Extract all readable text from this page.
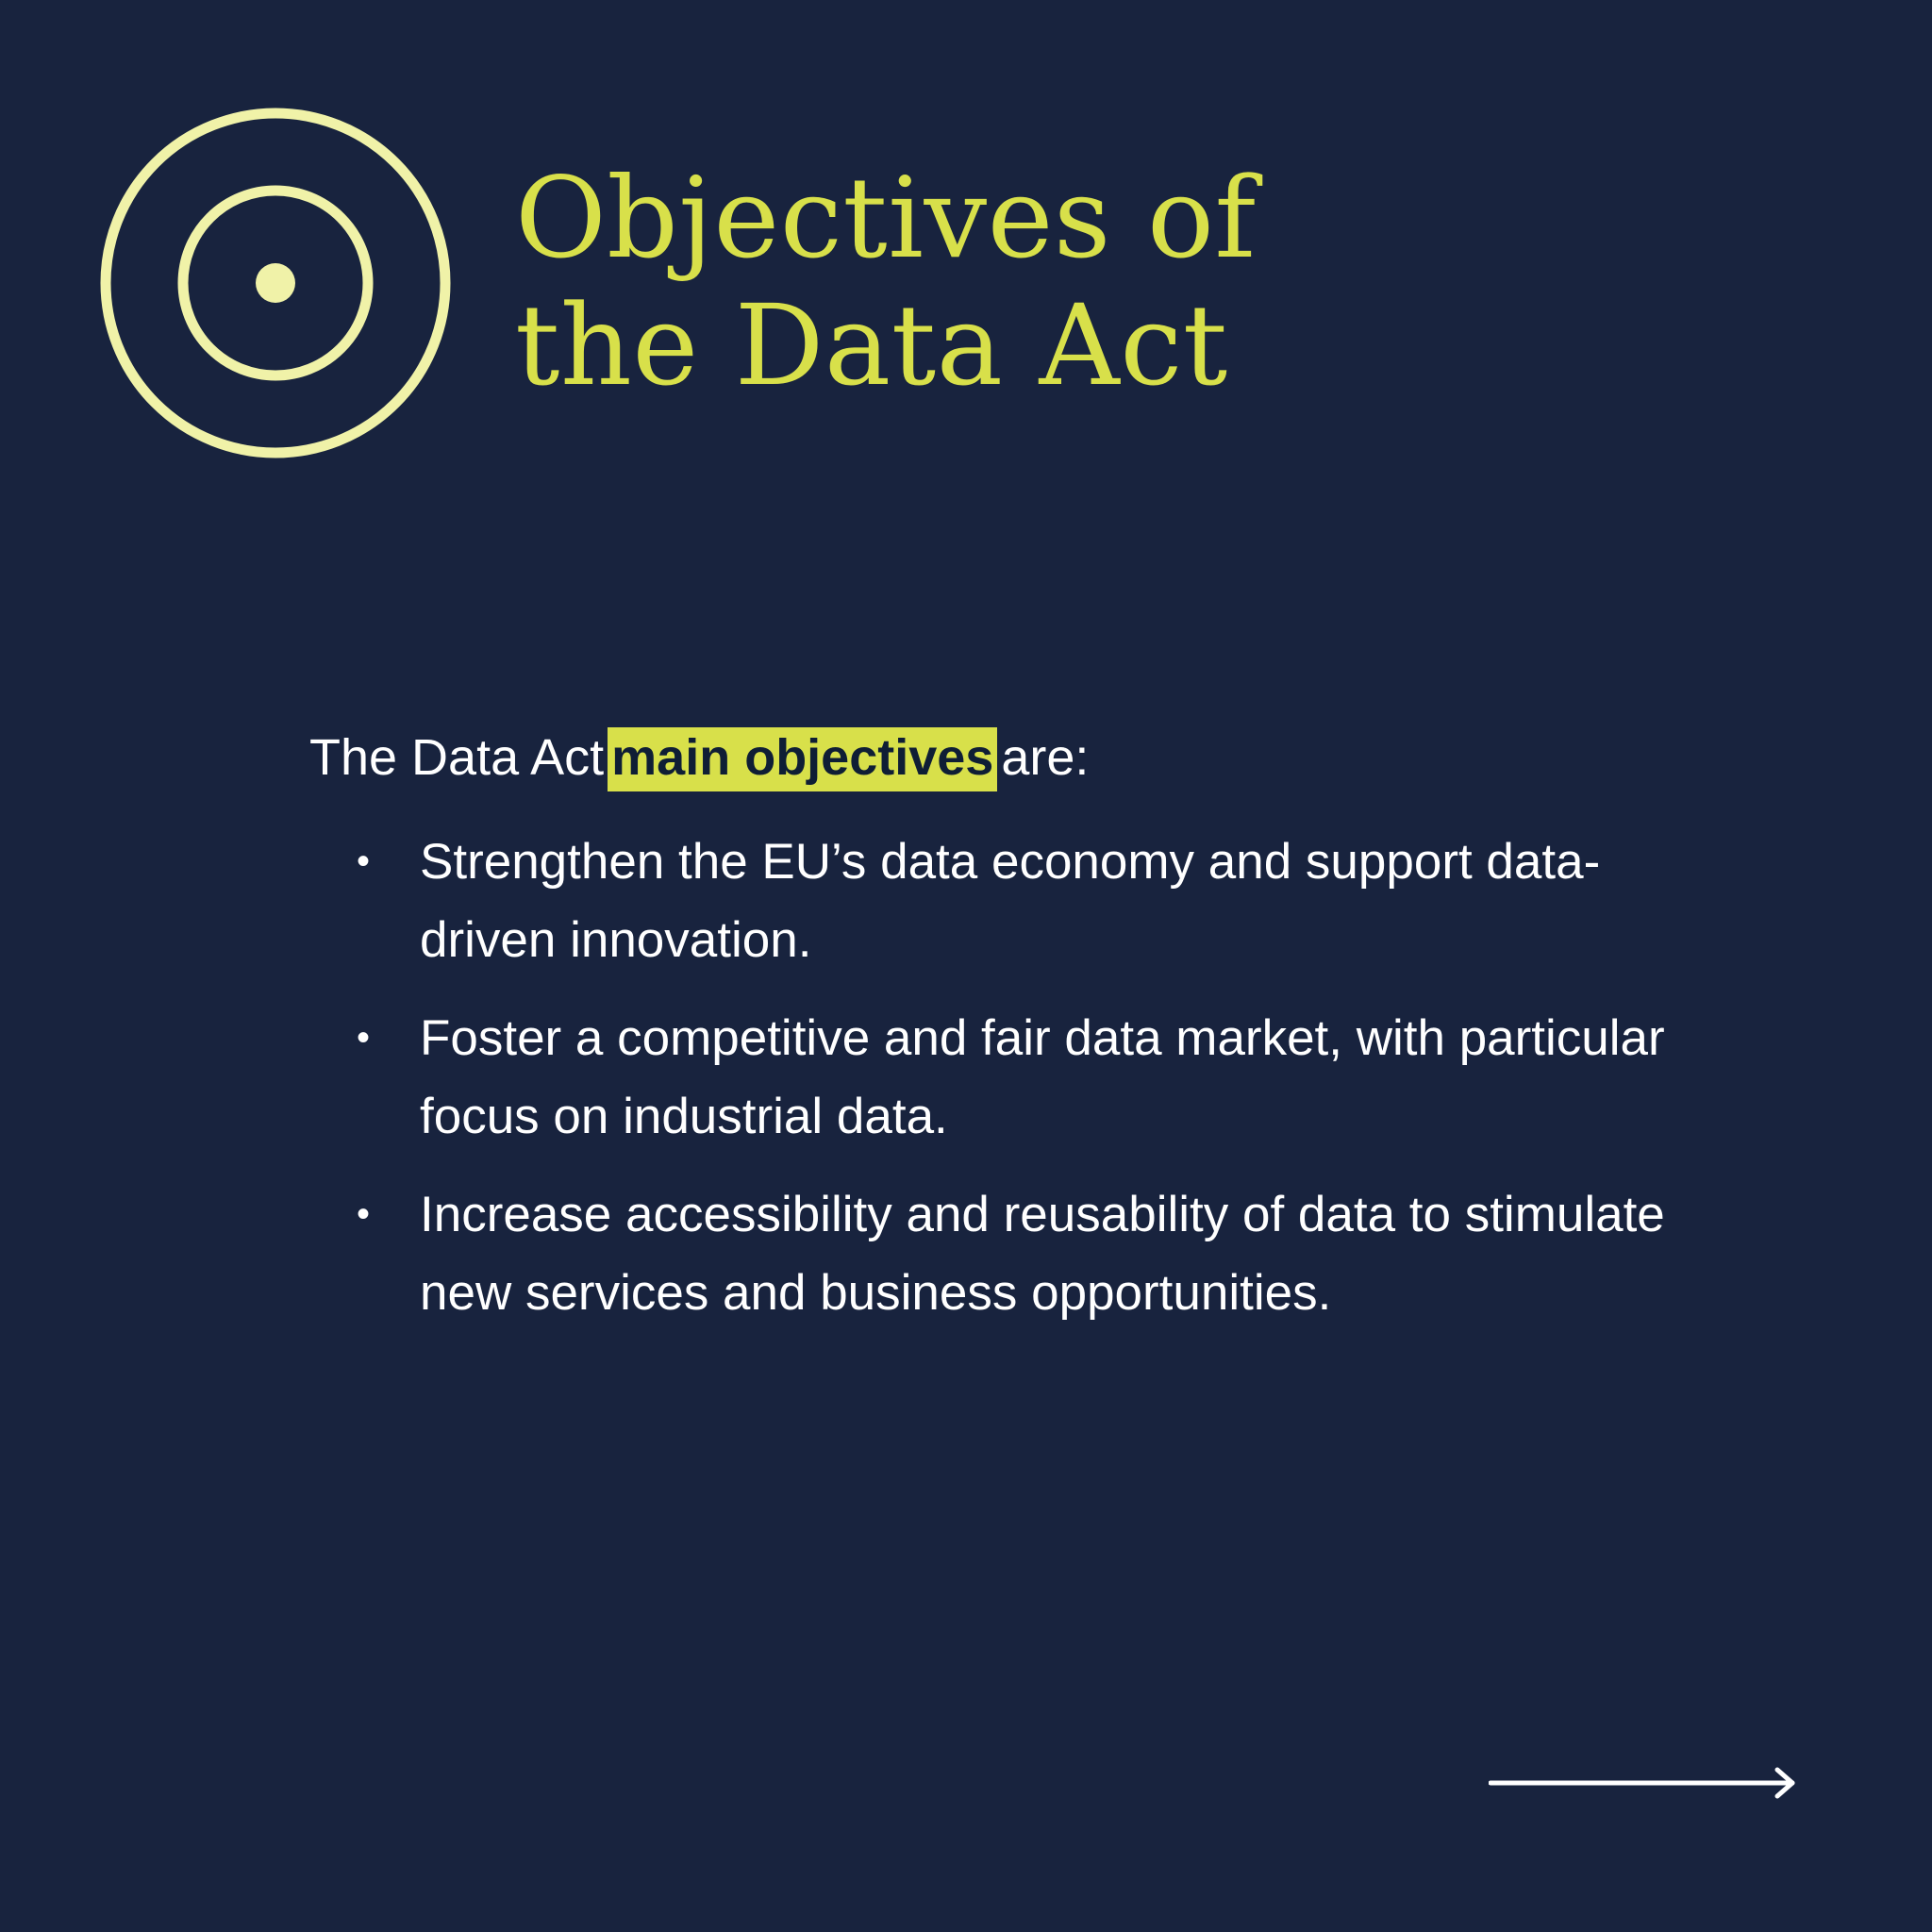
Objectives of
the Data Act

The Data Act main objectives are:

• Strengthen the EU’s data economy and support data-driven innovation.
• Foster a competitive and fair data market, with particular focus on industrial data.
• Increase accessibility and reusability of data to stimulate new services and business opportunities.
